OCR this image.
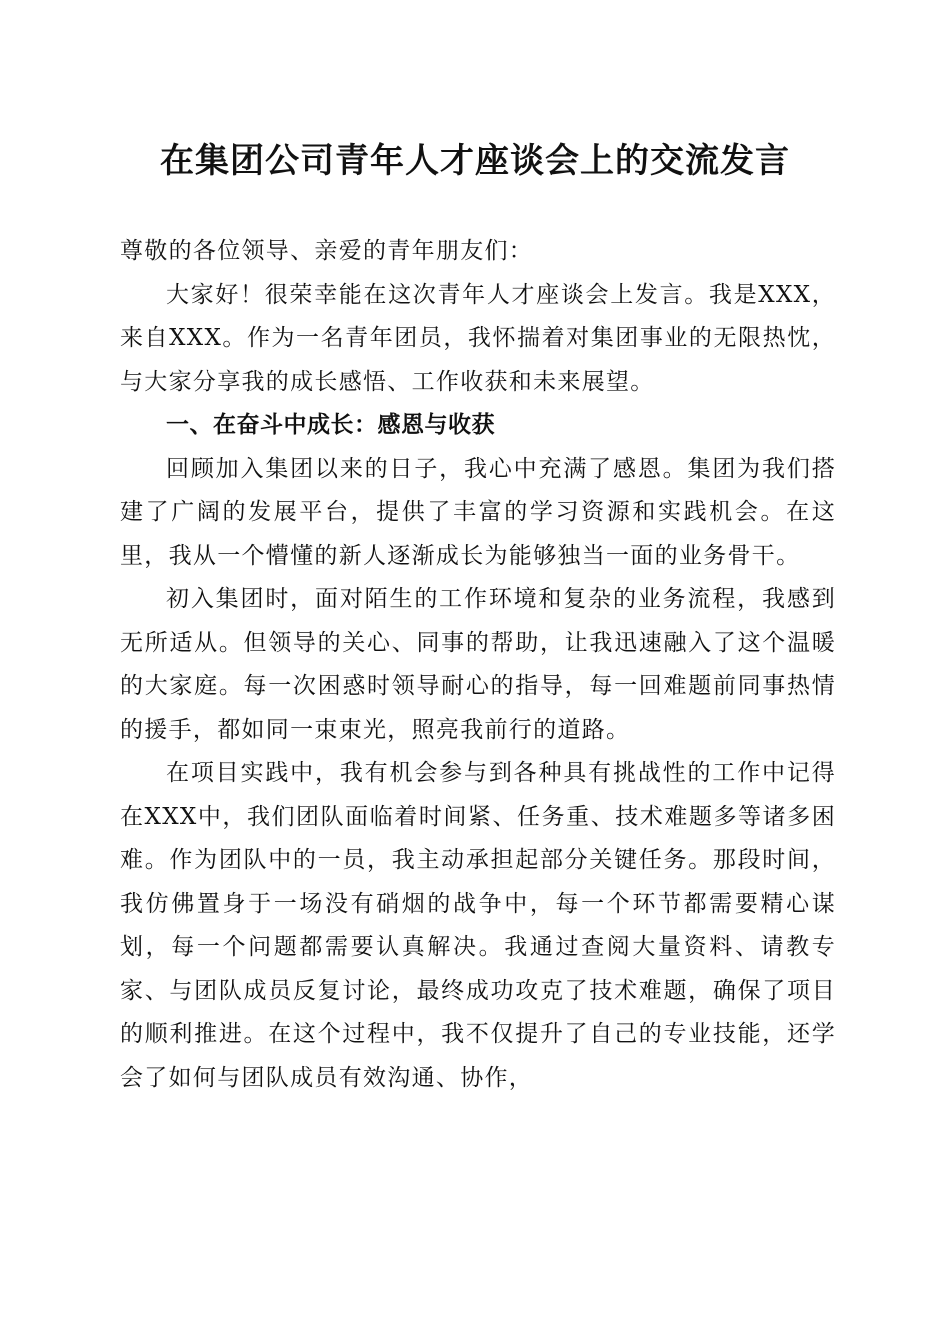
在集团公司青年人才座谈会上的交流发言

尊敬的各位领导、亲爱的青年朋友们：

大家好！很荣幸能在这次青年人才座谈会上发言。我是XXX，来自XXX。作为一名青年团员，我怀揣着对集团事业的无限热忱，与大家分享我的成长感悟、工作收获和未来展望。

一、在奋斗中成长：感恩与收获

回顾加入集团以来的日子，我心中充满了感恩。集团为我们搭建了广阔的发展平台，提供了丰富的学习资源和实践机会。在这里，我从一个懵懂的新人逐渐成长为能够独当一面的业务骨干。

初入集团时，面对陌生的工作环境和复杂的业务流程，我感到无所适从。但领导的关心、同事的帮助，让我迅速融入了这个温暖的大家庭。每一次困惑时领导耐心的指导，每一回难题前同事热情的援手，都如同一束束光，照亮我前行的道路。

在项目实践中，我有机会参与到各种具有挑战性的工作中记得在XXX中，我们团队面临着时间紧、任务重、技术难题多等诸多困难。作为团队中的一员，我主动承担起部分关键任务。那段时间，我仿佛置身于一场没有硝烟的战争中，每一个环节都需要精心谋划，每一个问题都需要认真解决。我通过查阅大量资料、请教专家、与团队成员反复讨论，最终成功攻克了技术难题，确保了项目的顺利推进。在这个过程中，我不仅提升了自己的专业技能，还学会了如何与团队成员有效沟通、协作，
